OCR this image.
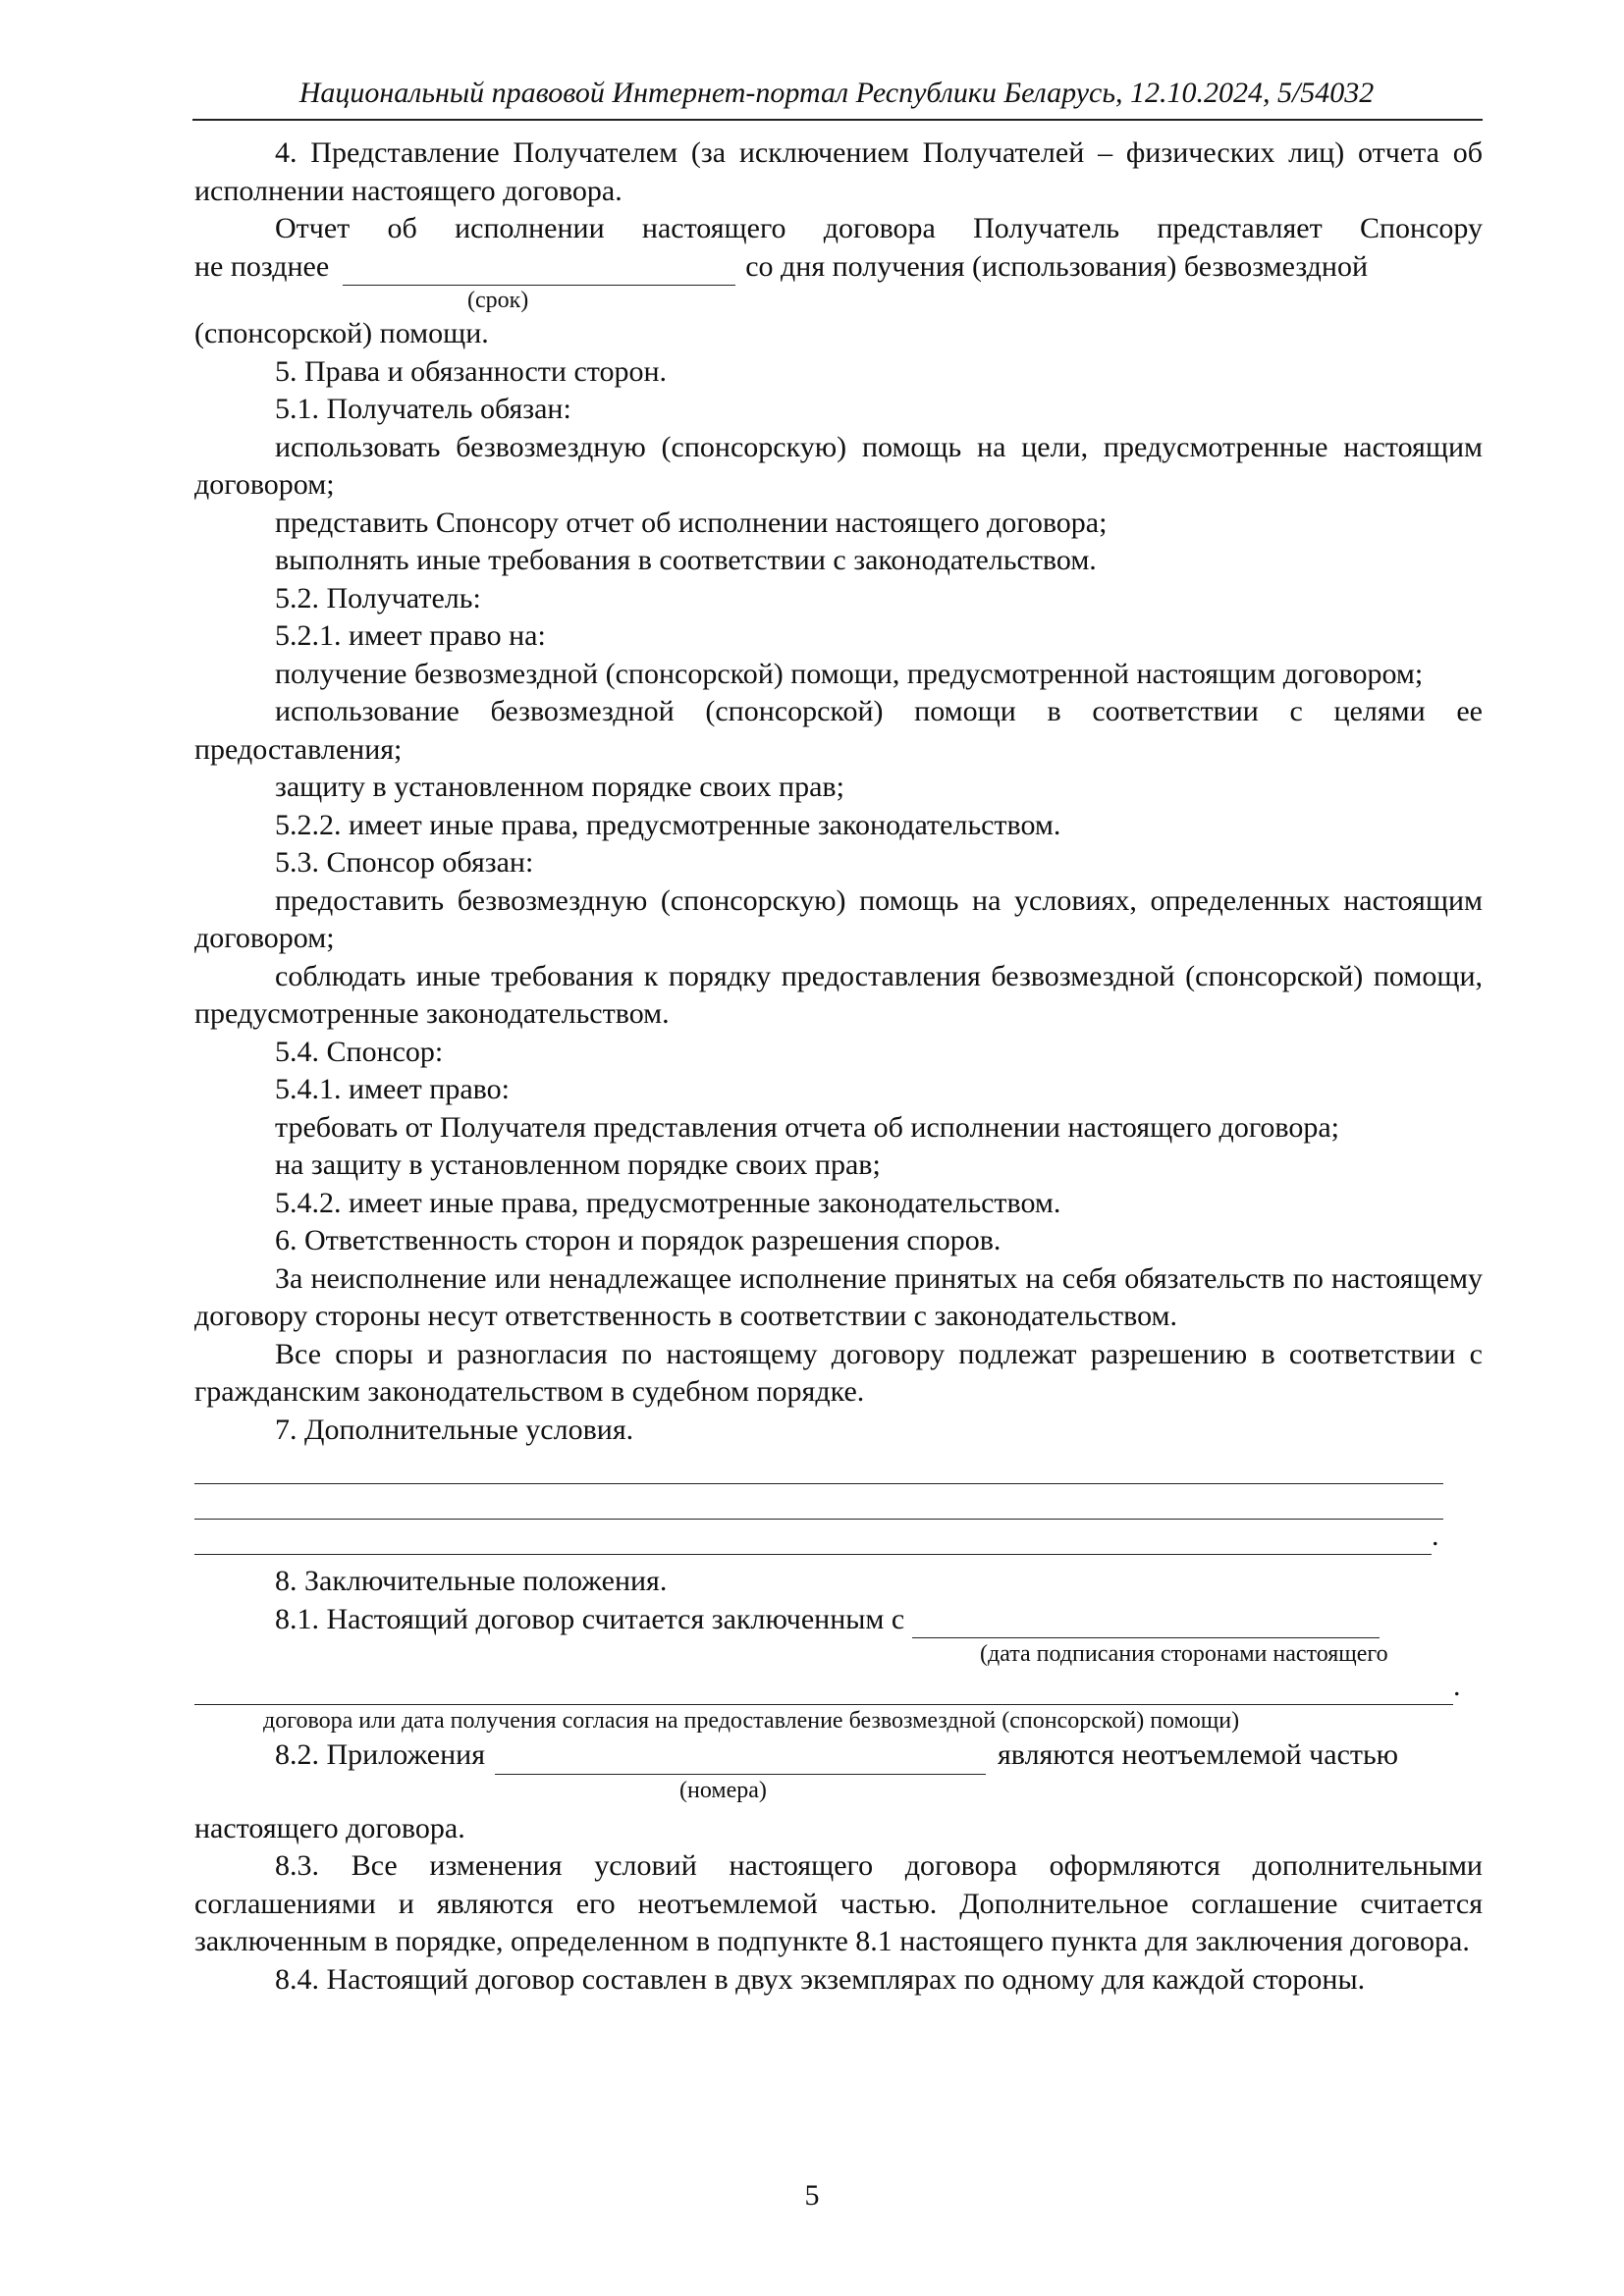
Национальный правовой Интернет-портал Республики Беларусь, 12.10.2024, 5/54032

4. Представление Получателем (за исключением Получателей – физических лиц) отчета об исполнении настоящего договора.

Отчет об исполнении настоящего договора Получатель представляет Спонсору

не позднее	со дня получения (использования) безвозмездной
(срок)

(спонсорской) помощи.

5. Права и обязанности сторон.

5.1. Получатель обязан:

использовать безвозмездную (спонсорскую) помощь на цели, предусмотренные настоящим договором;

представить Спонсору отчет об исполнении настоящего договора;

выполнять иные требования в соответствии с законодательством.

5.2. Получатель:

5.2.1. имеет право на:

получение безвозмездной (спонсорской) помощи, предусмотренной настоящим договором;

использование безвозмездной (спонсорской) помощи в соответствии с целями ее предоставления;

защиту в установленном порядке своих прав;

5.2.2. имеет иные права, предусмотренные законодательством.

5.3. Спонсор обязан:

предоставить безвозмездную (спонсорскую) помощь на условиях, определенных настоящим договором;

соблюдать иные требования к порядку предоставления безвозмездной (спонсорской) помощи, предусмотренные законодательством.

5.4. Спонсор:

5.4.1. имеет право:

требовать от Получателя представления отчета об исполнении настоящего договора;

на защиту в установленном порядке своих прав;

5.4.2. имеет иные права, предусмотренные законодательством.

6. Ответственность сторон и порядок разрешения споров.

За неисполнение или ненадлежащее исполнение принятых на себя обязательств по настоящему договору стороны несут ответственность в соответствии с законодательством.

Все споры и разногласия по настоящему договору подлежат разрешению в соответствии с гражданским законодательством в судебном порядке.

7. Дополнительные условия.

.

8. Заключительные положения.

8.1. Настоящий договор считается заключенным с
(дата подписания сторонами настоящего
.
договора или дата получения согласия на предоставление безвозмездной (спонсорской) помощи)
8.2. Приложения	являются неотъемлемой частью
(номера)

настоящего договора.

8.3. Все изменения условий настоящего договора оформляются дополнительными соглашениями и являются его неотъемлемой частью. Дополнительное соглашение считается заключенным в порядке, определенном в подпункте 8.1 настоящего пункта для заключения договора.

8.4. Настоящий договор составлен в двух экземплярах по одному для каждой стороны.

5
